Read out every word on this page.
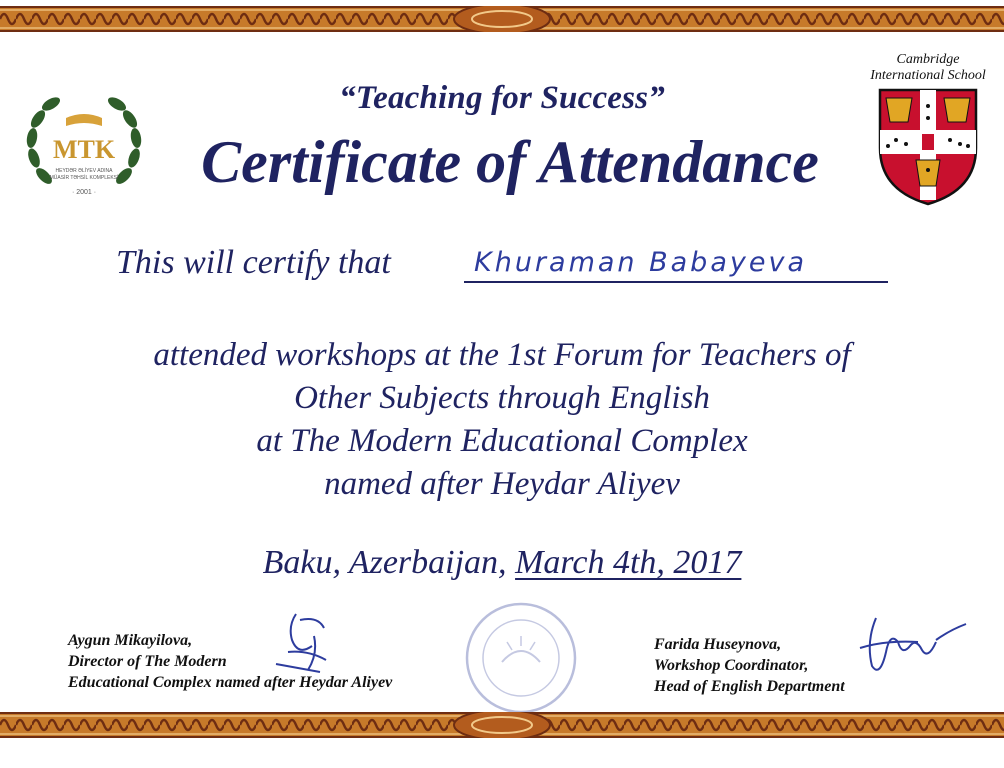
MTK
HEYDƏR ƏLİYEV ADINA
MÜASİR TƏHSİL KOMPLEKSİ
· 2001 ·
Cambridge
International School
“Teaching for Success”
Certificate of Attendance
This will certify that	Khuraman Babayeva
attended workshops at the 1st Forum for Teachers of
Other Subjects through English
at The Modern Educational Complex
named after Heydar Aliyev
Baku, Azerbaijan, March 4th, 2017
Aygun Mikayilova,
Director of The Modern
Educational Complex named after Heydar Aliyev
Farida Huseynova,
Workshop Coordinator,
Head of English Department
